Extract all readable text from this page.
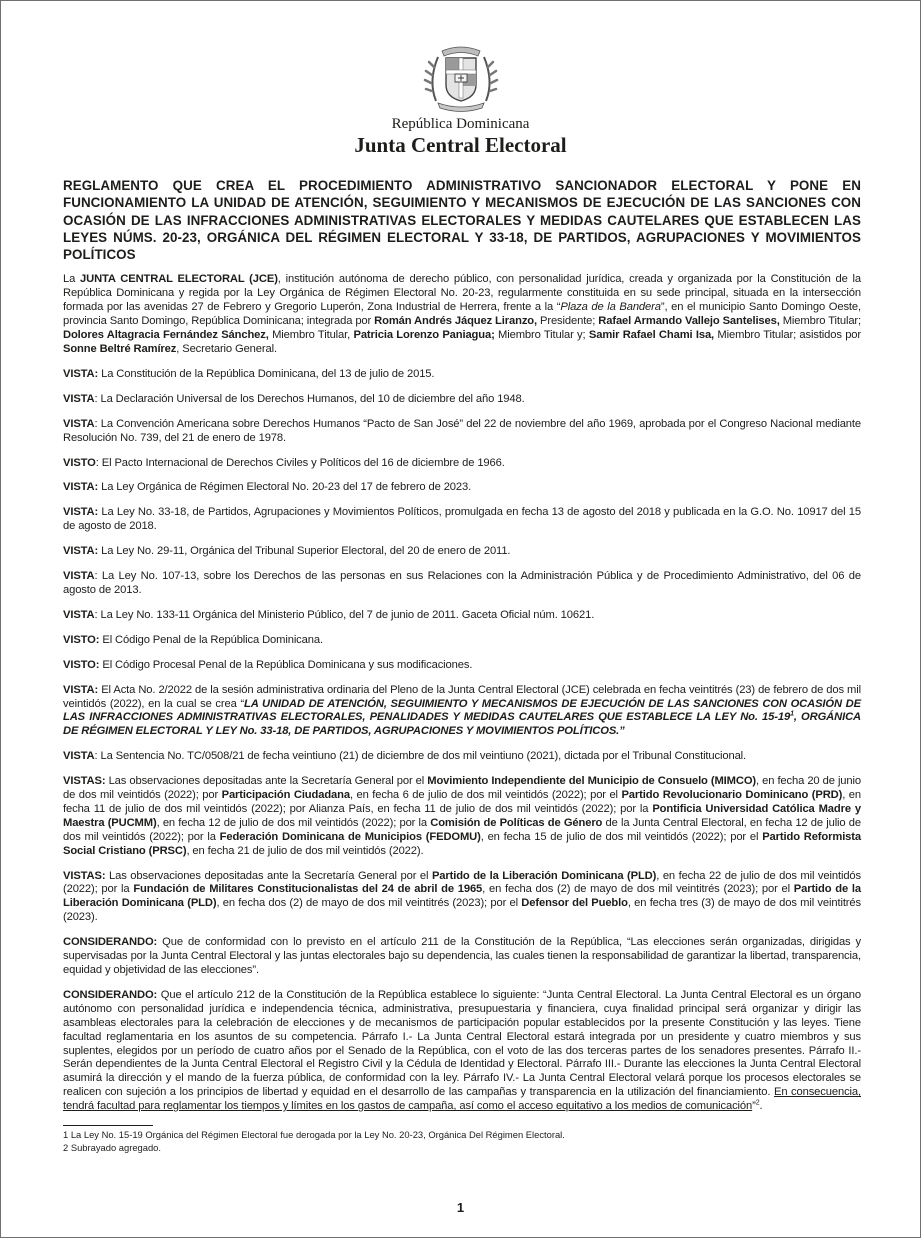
República Dominicana
Junta Central Electoral
REGLAMENTO QUE CREA EL PROCEDIMIENTO ADMINISTRATIVO SANCIONADOR ELECTORAL Y PONE EN FUNCIONAMIENTO LA UNIDAD DE ATENCIÓN, SEGUIMIENTO Y MECANISMOS DE EJECUCIÓN DE LAS SANCIONES CON OCASIÓN DE LAS INFRACCIONES ADMINISTRATIVAS ELECTORALES Y MEDIDAS CAUTELARES QUE ESTABLECEN LAS LEYES NÚMS. 20-23, ORGÁNICA DEL RÉGIMEN ELECTORAL Y 33-18, DE PARTIDOS, AGRUPACIONES Y MOVIMIENTOS POLÍTICOS

La JUNTA CENTRAL ELECTORAL (JCE), institución autónoma de derecho público, con personalidad jurídica, creada y organizada por la Constitución de la República Dominicana y regida por la Ley Orgánica de Régimen Electoral No. 20-23, regularmente constituida en su sede principal, situada en la intersección formada por las avenidas 27 de Febrero y Gregorio Luperón, Zona Industrial de Herrera, frente a la “Plaza de la Bandera”, en el municipio Santo Domingo Oeste, provincia Santo Domingo, República Dominicana; integrada por Román Andrés Jáquez Liranzo, Presidente; Rafael Armando Vallejo Santelises, Miembro Titular; Dolores Altagracia Fernández Sánchez, Miembro Titular, Patricia Lorenzo Paniagua; Miembro Titular y; Samir Rafael Chami Isa, Miembro Titular; asistidos por Sonne Beltré Ramírez, Secretario General.

VISTA: La Constitución de la República Dominicana, del 13 de julio de 2015.

VISTA: La Declaración Universal de los Derechos Humanos, del 10 de diciembre del año 1948.

VISTA: La Convención Americana sobre Derechos Humanos “Pacto de San José” del 22 de noviembre del año 1969, aprobada por el Congreso Nacional mediante Resolución No. 739, del 21 de enero de 1978.

VISTO: El Pacto Internacional de Derechos Civiles y Políticos del 16 de diciembre de 1966.

VISTA: La Ley Orgánica de Régimen Electoral No. 20-23 del 17 de febrero de 2023.

VISTA: La Ley No. 33-18, de Partidos, Agrupaciones y Movimientos Políticos, promulgada en fecha 13 de agosto del 2018 y publicada en la G.O. No. 10917 del 15 de agosto de 2018.

VISTA: La Ley No. 29-11, Orgánica del Tribunal Superior Electoral, del 20 de enero de 2011.

VISTA: La Ley No. 107-13, sobre los Derechos de las personas en sus Relaciones con la Administración Pública y de Procedimiento Administrativo, del 06 de agosto de 2013.

VISTA: La Ley No. 133-11 Orgánica del Ministerio Público, del 7 de junio de 2011. Gaceta Oficial núm. 10621.

VISTO: El Código Penal de la República Dominicana.

VISTO: El Código Procesal Penal de la República Dominicana y sus modificaciones.

VISTA: El Acta No. 2/2022 de la sesión administrativa ordinaria del Pleno de la Junta Central Electoral (JCE) celebrada en fecha veintitrés (23) de febrero de dos mil veintidós (2022), en la cual se crea “LA UNIDAD DE ATENCIÓN, SEGUIMIENTO Y MECANISMOS DE EJECUCIÓN DE LAS SANCIONES CON OCASIÓN DE LAS INFRACCIONES ADMINISTRATIVAS ELECTORALES, PENALIDADES Y MEDIDAS CAUTELARES QUE ESTABLECE LA LEY No. $15-19^1$, ORGÁNICA DE RÉGIMEN ELECTORAL Y LEY No. 33-18, DE PARTIDOS, AGRUPACIONES Y MOVIMIENTOS POLÍTICOS.”

VISTA: La Sentencia No. TC/0508/21 de fecha veintiuno (21) de diciembre de dos mil veintiuno (2021), dictada por el Tribunal Constitucional.

VISTAS: Las observaciones depositadas ante la Secretaría General por el Movimiento Independiente del Municipio de Consuelo (MIMCO), en fecha 20 de junio de dos mil veintidós (2022); por Participación Ciudadana, en fecha 6 de julio de dos mil veintidós (2022); por el Partido Revolucionario Dominicano (PRD), en fecha 11 de julio de dos mil veintidós (2022); por Alianza País, en fecha 11 de julio de dos mil veintidós (2022); por la Pontificia Universidad Católica Madre y Maestra (PUCMM), en fecha 12 de julio de dos mil veintidós (2022); por la Comisión de Políticas de Género de la Junta Central Electoral, en fecha 12 de julio de dos mil veintidós (2022); por la Federación Dominicana de Municipios (FEDOMU), en fecha 15 de julio de dos mil veintidós (2022); por el Partido Reformista Social Cristiano (PRSC), en fecha 21 de julio de dos mil veintidós (2022).

VISTAS: Las observaciones depositadas ante la Secretaría General por el Partido de la Liberación Dominicana (PLD), en fecha 22 de julio de dos mil veintidós (2022); por la Fundación de Militares Constitucionalistas del 24 de abril de 1965, en fecha dos (2) de mayo de dos mil veintitrés (2023); por el Partido de la Liberación Dominicana (PLD), en fecha dos (2) de mayo de dos mil veintitrés (2023); por el Defensor del Pueblo, en fecha tres (3) de mayo de dos mil veintitrés (2023).

CONSIDERANDO: Que de conformidad con lo previsto en el artículo 211 de la Constitución de la República, “Las elecciones serán organizadas, dirigidas y supervisadas por la Junta Central Electoral y las juntas electorales bajo su dependencia, las cuales tienen la responsabilidad de garantizar la libertad, transparencia, equidad y objetividad de las elecciones”.

CONSIDERANDO: Que el artículo 212 de la Constitución de la República establece lo siguiente: “Junta Central Electoral. La Junta Central Electoral es un órgano autónomo con personalidad jurídica e independencia técnica, administrativa, presupuestaria y financiera, cuya finalidad principal será organizar y dirigir las asambleas electorales para la celebración de elecciones y de mecanismos de participación popular establecidos por la presente Constitución y las leyes. Tiene facultad reglamentaria en los asuntos de su competencia. Párrafo I.- La Junta Central Electoral estará integrada por un presidente y cuatro miembros y sus suplentes, elegidos por un período de cuatro años por el Senado de la República, con el voto de las dos terceras partes de los senadores presentes. Párrafo II.- Serán dependientes de la Junta Central Electoral el Registro Civil y la Cédula de Identidad y Electoral. Párrafo III.- Durante las elecciones la Junta Central Electoral asumirá la dirección y el mando de la fuerza pública, de conformidad con la ley. Párrafo IV.- La Junta Central Electoral velará porque los procesos electorales se realicen con sujeción a los principios de libertad y equidad en el desarrollo de las campañas y transparencia en la utilización del financiamiento. En consecuencia, tendrá facultad para reglamentar los tiempos y límites en los gastos de campaña, así como el acceso equitativo a los medios de comunicación”$^2$.

1 La Ley No. 15-19 Orgánica del Régimen Electoral fue derogada por la Ley No. 20-23, Orgánica Del Régimen Electoral.
2 Subrayado agregado.
1
